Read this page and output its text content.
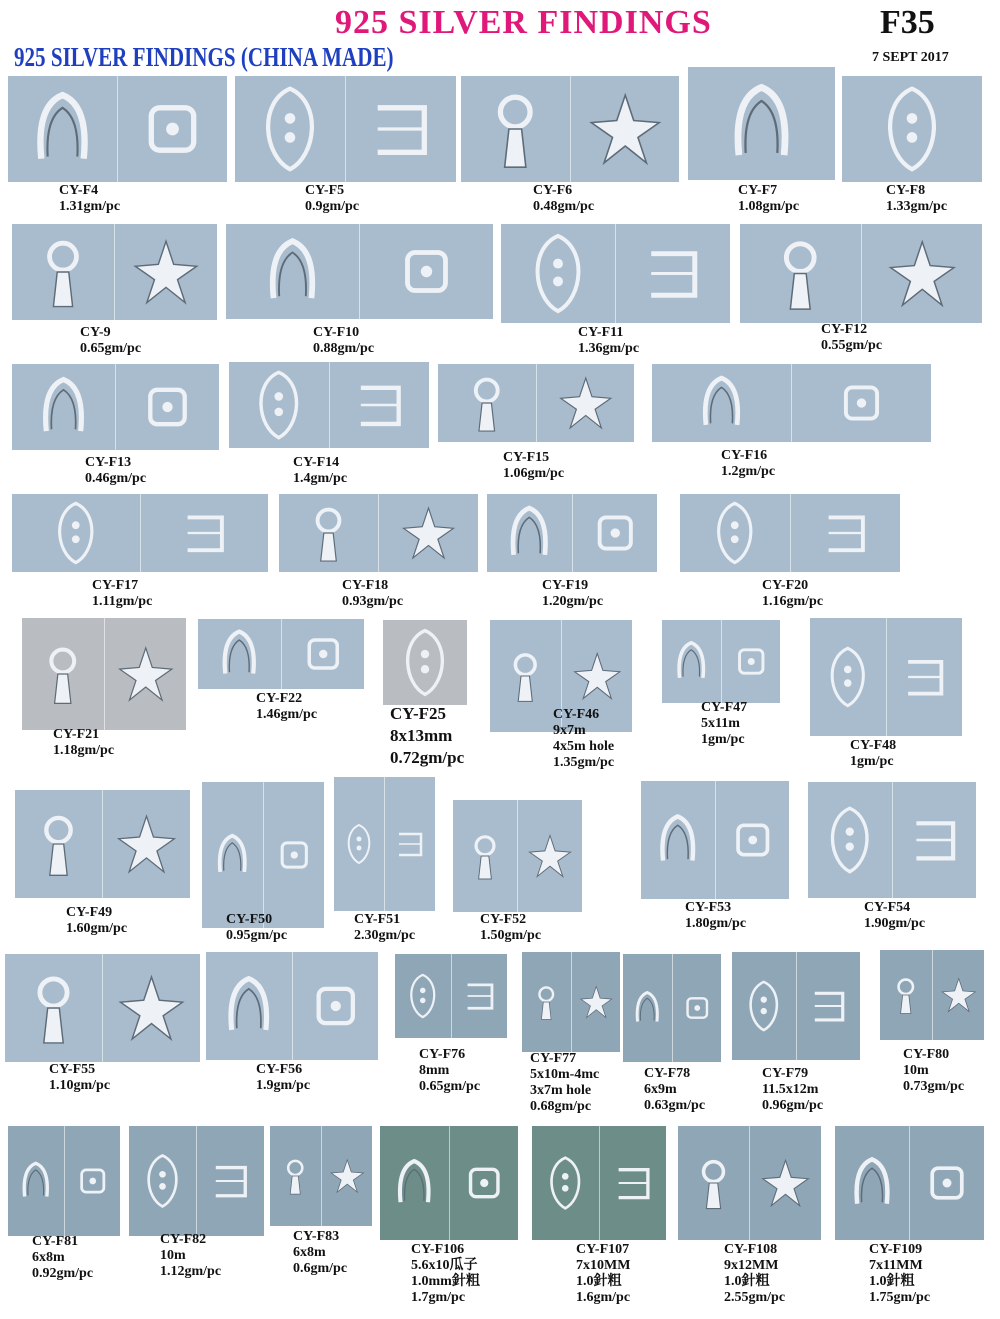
925 SILVER FINDINGS
925 SILVER FINDINGS (CHINA MADE)
F35
7 SEPT 2017
CY-F4
1.31gm/pc
CY-F5
0.9gm/pc
CY-F6
0.48gm/pc
CY-F7
1.08gm/pc
CY-F8
1.33gm/pc
CY-9
0.65gm/pc
CY-F10
0.88gm/pc
CY-F11
1.36gm/pc
CY-F12
0.55gm/pc
CY-F13
0.46gm/pc
CY-F14
1.4gm/pc
CY-F15
1.06gm/pc
CY-F16
1.2gm/pc
CY-F17
1.11gm/pc
CY-F18
0.93gm/pc
CY-F19
1.20gm/pc
CY-F20
1.16gm/pc
CY-F21
1.18gm/pc
CY-F22
1.46gm/pc	CY-F25
8x13mm
0.72gm/pc
CY-F46
9x7m
4x5m hole
1.35gm/pc
CY-F47
5x11m
1gm/pc	CY-F48
1gm/pc
CY-F49
1.60gm/pc
CY-F50
0.95gm/pc
CY-F51
2.30gm/pc
CY-F52
1.50gm/pc
CY-F53
1.80gm/pc
CY-F54
1.90gm/pc
CY-F55
1.10gm/pc
CY-F56
1.9gm/pc
CY-F76
8mm
0.65gm/pc
CY-F77
5x10m-4mc
3x7m hole
0.68gm/pc
CY-F78
6x9m
0.63gm/pc
CY-F79
11.5x12m
0.96gm/pc
CY-F80
10m
0.73gm/pc
CY-F81
6x8m
0.92gm/pc
CY-F82
10m
1.12gm/pc
CY-F83
6x8m
0.6gm/pc
CY-F106
5.6x10瓜子
1.0mm針粗
1.7gm/pc
CY-F107
7x10MM
1.0針粗
1.6gm/pc
CY-F108
9x12MM
1.0針粗
2.55gm/pc
CY-F109
7x11MM
1.0針粗
1.75gm/pc
